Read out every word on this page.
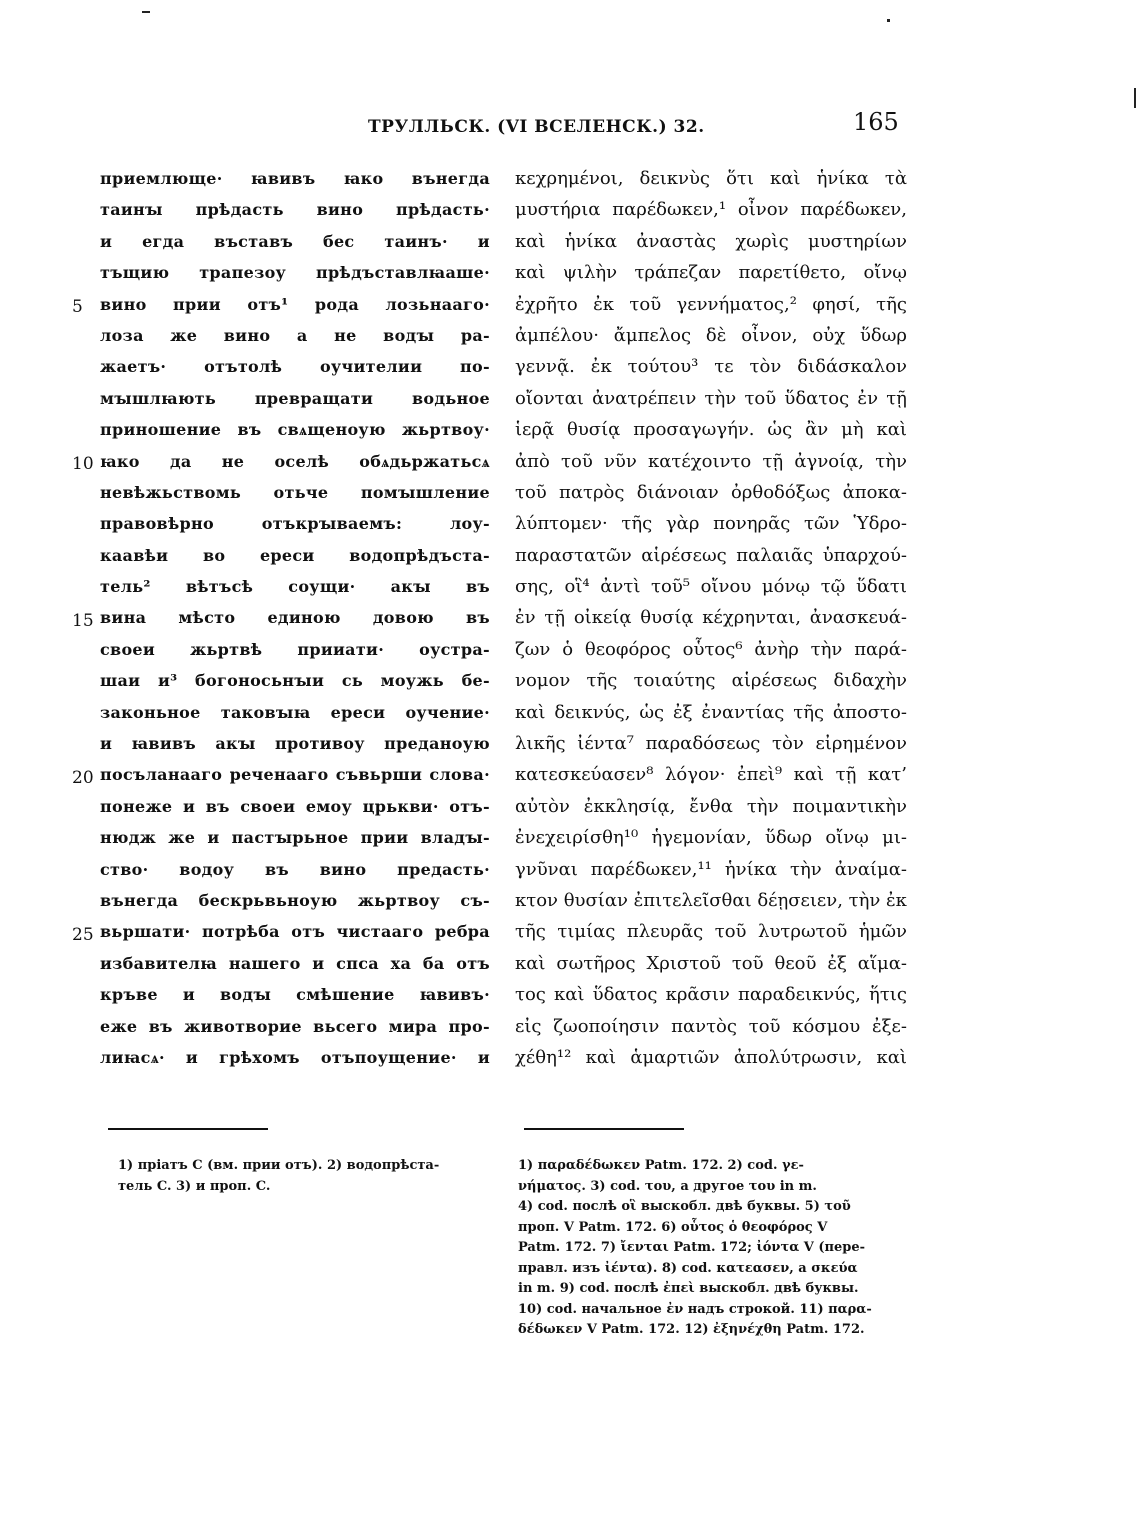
ТРУЛЛЬСК. (VI ВСЕЛЕНСК.) 32.	165
5
10
15
20
25
приемлюще· ꙗвивъ ꙗко вънегда
таинꙑ прѣдасть вино прѣдасть·
и егда въставъ бес таинъ· и
тъщию трапезоу прѣдъставлꙗаше·
вино прии отъ¹ рода лозьнааго·
лоза же вино а не водꙑ ра-
жаетъ· отътолѣ оучителии по-
мꙑшлꙗють превращати водьное
приношение въ свѧщеноую жьртвоу·
ꙗко да не оселѣ обѧдьржатьсѧ
невѣжьствомь отьче помꙑшление
правовѣрно	отъкрꙑваемъ:	лоу-
каавѣи во ереси водопрѣдъста-
тель² вѣтъсѣ соущи· акꙑ въ
вина мѣсто единою довою въ
своеи жьртвѣ прииати· оустра-
шаи и³ богоносьнꙑи сь моужь бе-
законьное таковꙑꙗ ереси оучение·
и ꙗвивъ акꙑ противоу преданоую
посъланааго реченааго съвьрши слова·
понеже и въ своеи емоу црькви· отъ-
нюдж же и пастꙑрьное прии владꙑ-
ство· водоу въ вино предасть·
вънегда бескрьвьноую жьртвоу съ-
вьршати· потрѣба отъ чистааго ребра
избавителꙗ нашего и спса ха ба отъ
кръве и водꙑ смѣшение ꙗвивъ·
еже въ животворие вьсего мира про-
лиꙗсѧ· и грѣхомъ отъпоущение· и
κεχρημένοι, δεικνὺς ὅτι καὶ ἡνίκα τὰ
μυστήρια παρέδωκεν,¹ οἶνον παρέδωκεν,
καὶ ἡνίκα ἀναστὰς χωρὶς μυστηρίων
καὶ ψιλὴν τράπεζαν παρετίθετο, οἴνῳ
ἐχρῆτο ἐκ τοῦ γεννήματος,² φησί, τῆς
ἀμπέλου· ἄμπελος δὲ οἶνον, οὐχ ὕδωρ
γεννᾷ. ἐκ τούτου³ τε τὸν διδάσκαλον
οἴονται ἀνατρέπειν τὴν τοῦ ὕδατος ἐν τῇ
ἱερᾷ θυσίᾳ προσαγωγήν. ὡς ἂν μὴ καὶ
ἀπὸ τοῦ νῦν κατέχοιντο τῇ ἀγνοίᾳ, τὴν
τοῦ πατρὸς διάνοιαν ὀρθοδόξως ἀποκα-
λύπτομεν· τῆς γὰρ πονηρᾶς τῶν Ὑδρο-
παραστατῶν αἱρέσεως παλαιᾶς ὑπαρχού-
σης, οἳ⁴ ἀντὶ τοῦ⁵ οἴνου μόνῳ τῷ ὕδατι
ἐν τῇ οἰκείᾳ θυσίᾳ κέχρηνται, ἀνασκευά-
ζων ὁ θεοφόρος οὗτος⁶ ἀνὴρ τὴν παρά-
νομον τῆς τοιαύτης αἱρέσεως διδαχὴν
καὶ δεικνύς, ὡς ἐξ ἐναντίας τῆς ἀποστο-
λικῆς ἰέντα⁷ παραδόσεως τὸν εἰρημένον
κατεσκεύασεν⁸ λόγον· ἐπεὶ⁹ καὶ τῇ κατ’
αὐτὸν ἐκκλησίᾳ, ἔνθα τὴν ποιμαντικὴν
ἐνεχειρίσθη¹⁰ ἡγεμονίαν, ὕδωρ οἴνῳ μι-
γνῦναι παρέδωκεν,¹¹ ἡνίκα τὴν ἀναίμα-
κτον θυσίαν ἐπιτελεῖσθαι δέῃσειεν, τὴν ἐκ
τῆς τιμίας πλευρᾶς τοῦ λυτρωτοῦ ἡμῶν
καὶ σωτῆρος Χριστοῦ τοῦ θεοῦ ἐξ αἵμα-
τος καὶ ὕδατος κρᾶσιν παραδεικνύς, ἥτις
εἰς ζωοποίησιν παντὸς τοῦ κόσμου ἐξε-
χέθη¹² καὶ ἁμαρτιῶν ἀπολύτρωσιν, καὶ
1) прiатъ C (вм. прии отъ). 2) водопрѣста-
тель C. 3) и проп. C.
1) παραδέδωκεν Patm. 172. 2) cod. γε-
νήματος. 3) cod. του, а другое του in m.
4) cod. послѣ οἳ выскобл. двѣ буквы. 5) τοῦ
проп. V Patm. 172. 6) οὗτος ὁ θεοφόρος V
Patm. 172. 7) ἴενται Patm. 172; ἰόντα V (пере-
правл. изъ ἰέντα). 8) cod. κατεασεν, а σκεύα
in m. 9) cod. послѣ ἐπεὶ выскобл. двѣ буквы.
10) cod. начальное ἐν надъ строкой. 11) παρα-
δέδωκεν V Patm. 172. 12) ἐξηνέχθη Patm. 172.
